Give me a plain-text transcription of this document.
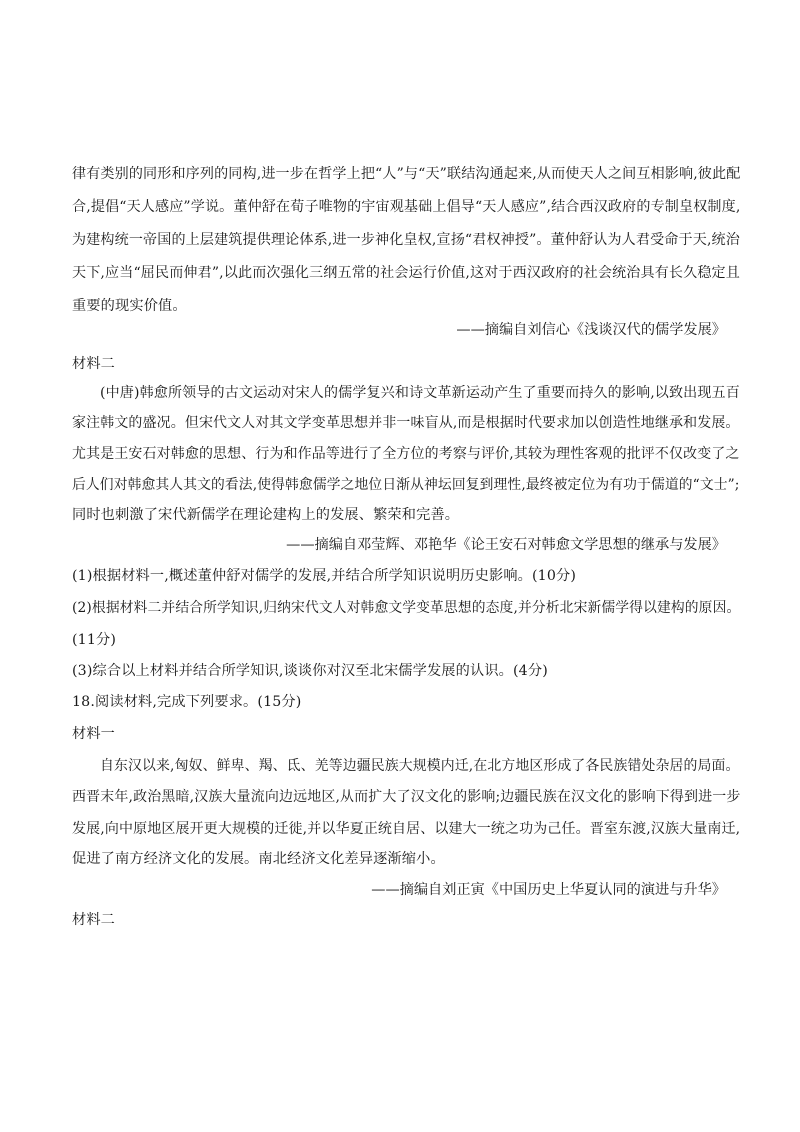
律有类别的同形和序列的同构,进一步在哲学上把“人”与“天”联结沟通起来,从而使天人之间互相影响,彼此配
合,提倡“天人感应”学说。董仲舒在荀子唯物的宇宙观基础上倡导“天人感应”,结合西汉政府的专制皇权制度,
为建构统一帝国的上层建筑提供理论体系,进一步神化皇权,宣扬“君权神授”。董仲舒认为人君受命于天,统治
天下,应当“屈民而伸君”,以此而次强化三纲五常的社会运行价值,这对于西汉政府的社会统治具有长久稳定且
重要的现实价值。
——摘编自刘信心《浅谈汉代的儒学发展》
材料二
(中唐)韩愈所领导的古文运动对宋人的儒学复兴和诗文革新运动产生了重要而持久的影响,以致出现五百
家注韩文的盛况。但宋代文人对其文学变革思想并非一味盲从,而是根据时代要求加以创造性地继承和发展。
尤其是王安石对韩愈的思想、行为和作品等进行了全方位的考察与评价,其较为理性客观的批评不仅改变了之
后人们对韩愈其人其文的看法,使得韩愈儒学之地位日渐从神坛回复到理性,最终被定位为有功于儒道的“文士”;
同时也刺激了宋代新儒学在理论建构上的发展、繁荣和完善。
——摘编自邓莹辉、邓艳华《论王安石对韩愈文学思想的继承与发展》
(1)根据材料一,概述董仲舒对儒学的发展,并结合所学知识说明历史影响。(10分)
(2)根据材料二并结合所学知识,归纳宋代文人对韩愈文学变革思想的态度,并分析北宋新儒学得以建构的原因。
(11分)
(3)综合以上材料并结合所学知识,谈谈你对汉至北宋儒学发展的认识。(4分)
18.阅读材料,完成下列要求。(15分)
材料一
自东汉以来,匈奴、鲜卑、羯、氐、羌等边疆民族大规模内迁,在北方地区形成了各民族错处杂居的局面。
西晋末年,政治黑暗,汉族大量流向边远地区,从而扩大了汉文化的影响;边疆民族在汉文化的影响下得到进一步
发展,向中原地区展开更大规模的迁徙,并以华夏正统自居、以建大一统之功为己任。晋室东渡,汉族大量南迁,
促进了南方经济文化的发展。南北经济文化差异逐渐缩小。
——摘编自刘正寅《中国历史上华夏认同的演进与升华》
材料二
